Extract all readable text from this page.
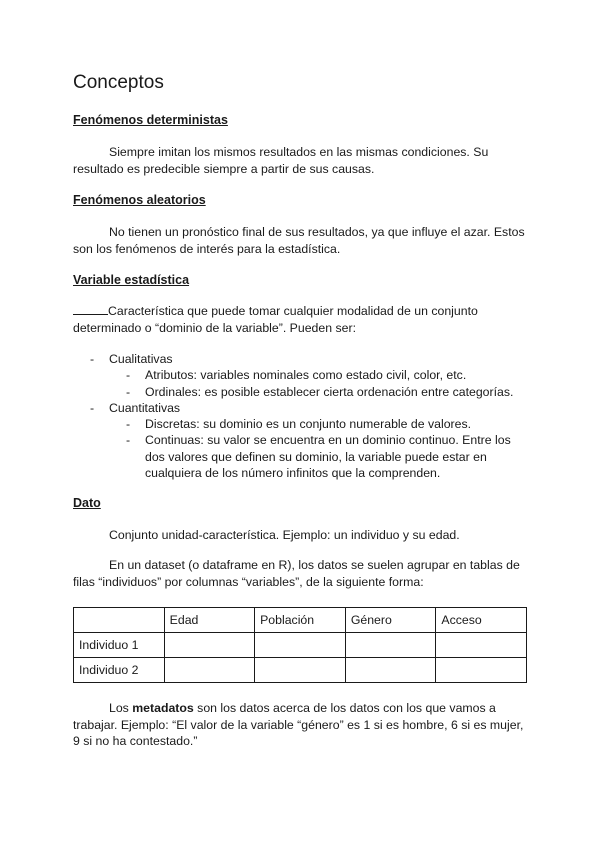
Conceptos
Fenómenos deterministas

Siempre imitan los mismos resultados en las mismas condiciones. Su resultado es predecible siempre a partir de sus causas.

Fenómenos aleatorios

No tienen un pronóstico final de sus resultados, ya que influye el azar. Estos son los fenómenos de interés para la estadística.

Variable estadística

Característica que puede tomar cualquier modalidad de un conjunto determinado o “dominio de la variable”. Pueden ser:

- Cualitativas
- Atributos: variables nominales como estado civil, color, etc.
- Ordinales: es posible establecer cierta ordenación entre categorías.
- Cuantitativas
- Discretas: su dominio es un conjunto numerable de valores.
- Continuas: su valor se encuentra en un dominio continuo. Entre los dos valores que definen su dominio, la variable puede estar en cualquiera de los número infinitos que la comprenden.
Dato

Conjunto unidad-característica. Ejemplo: un individuo y su edad.

En un dataset (o dataframe en R), los datos se suelen agrupar en tablas de filas “individuos” por columnas “variables”, de la siguiente forma:

	Edad	Población	Género	Acceso
Individuo 1				
Individuo 2				

Los metadatos son los datos acerca de los datos con los que vamos a trabajar. Ejemplo: “El valor de la variable “género” es 1 si es hombre, 6 si es mujer, 9 si no ha contestado.”
